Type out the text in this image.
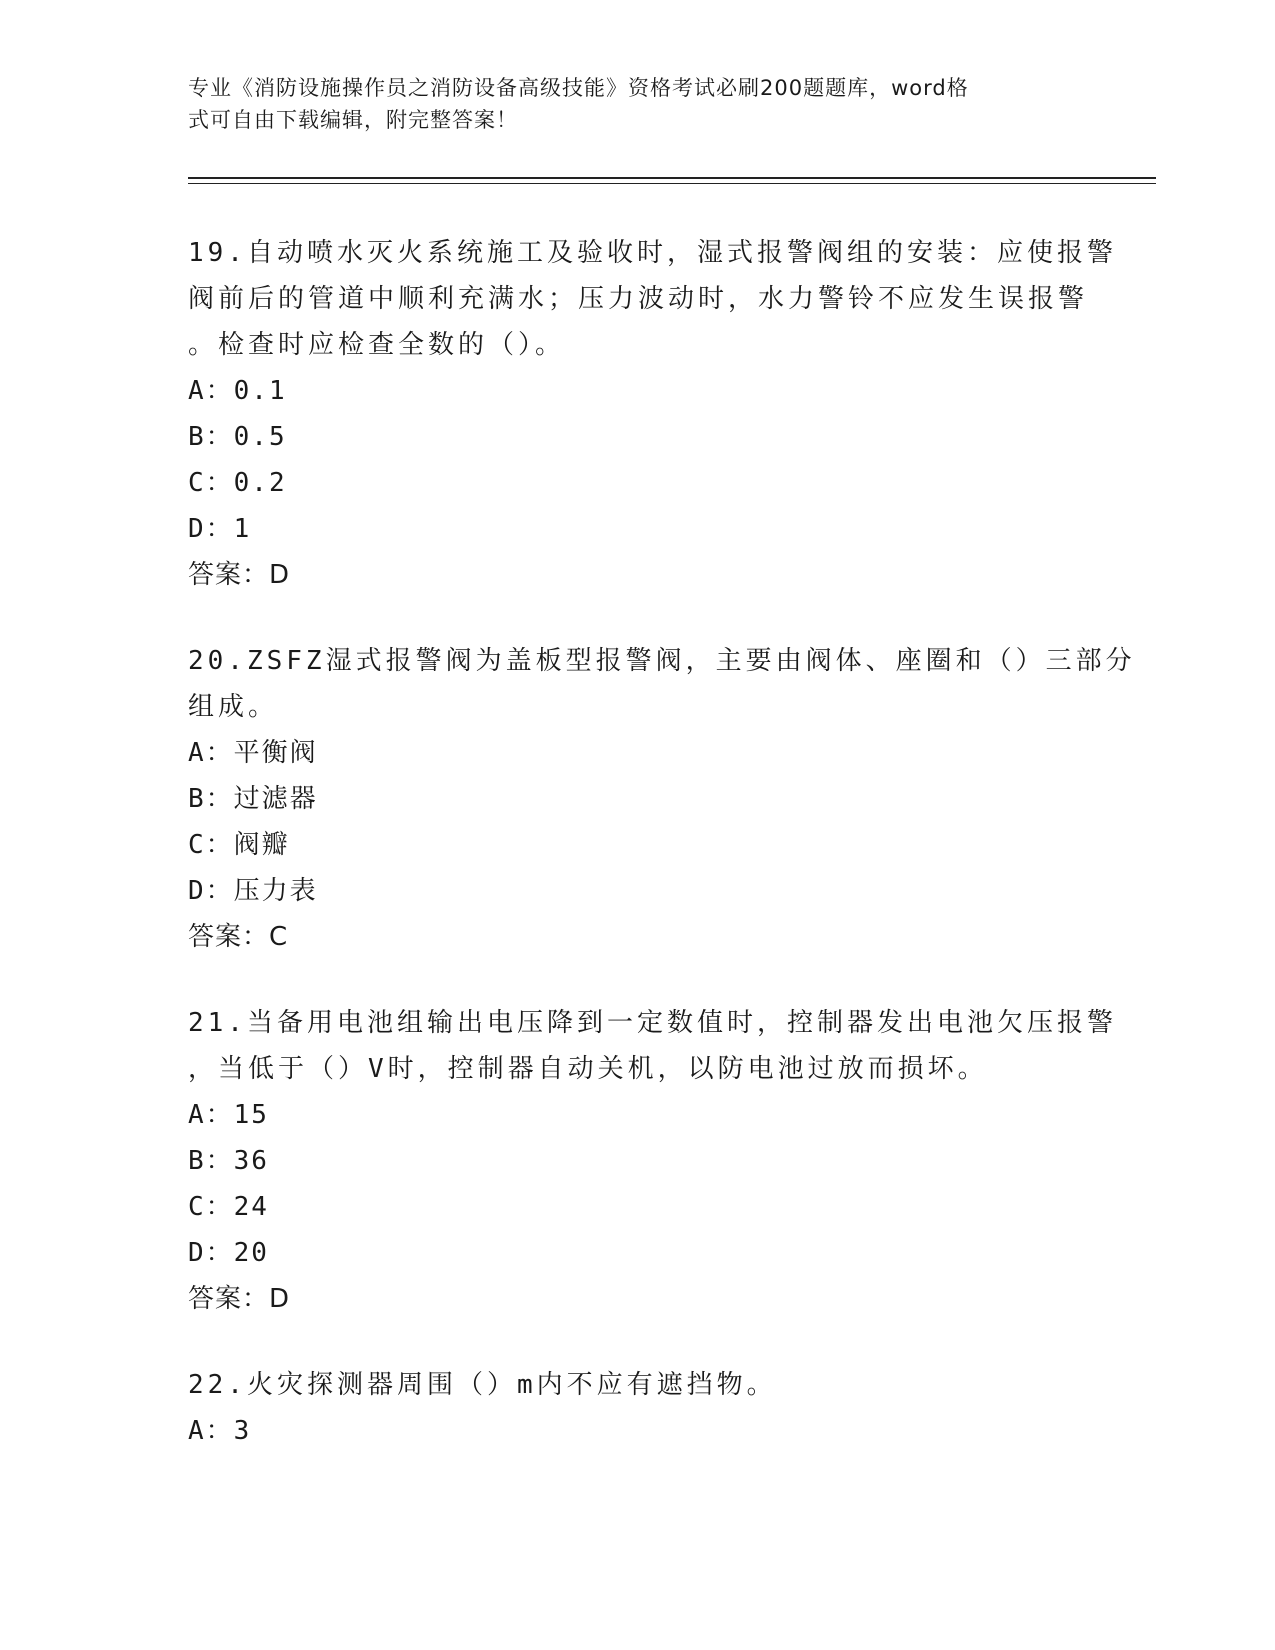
专业《消防设施操作员之消防设备高级技能》资格考试必刷200题题库，word格
式可自由下载编辑，附完整答案！
19.自动喷水灭火系统施工及验收时，湿式报警阀组的安装：应使报警
阀前后的管道中顺利充满水；压力波动时，水力警铃不应发生误报警
。检查时应检查全数的（）。
A：0.1
B：0.5
C：0.2
D：1
答案：D
20.ZSFZ湿式报警阀为盖板型报警阀，主要由阀体、座圈和（）三部分
组成。
A：平衡阀
B：过滤器
C：阀瓣
D：压力表
答案：C
21.当备用电池组输出电压降到一定数值时，控制器发出电池欠压报警
，当低于（）V时，控制器自动关机，以防电池过放而损坏。
A：15
B：36
C：24
D：20
答案：D
22.火灾探测器周围（）m内不应有遮挡物。
A：3
